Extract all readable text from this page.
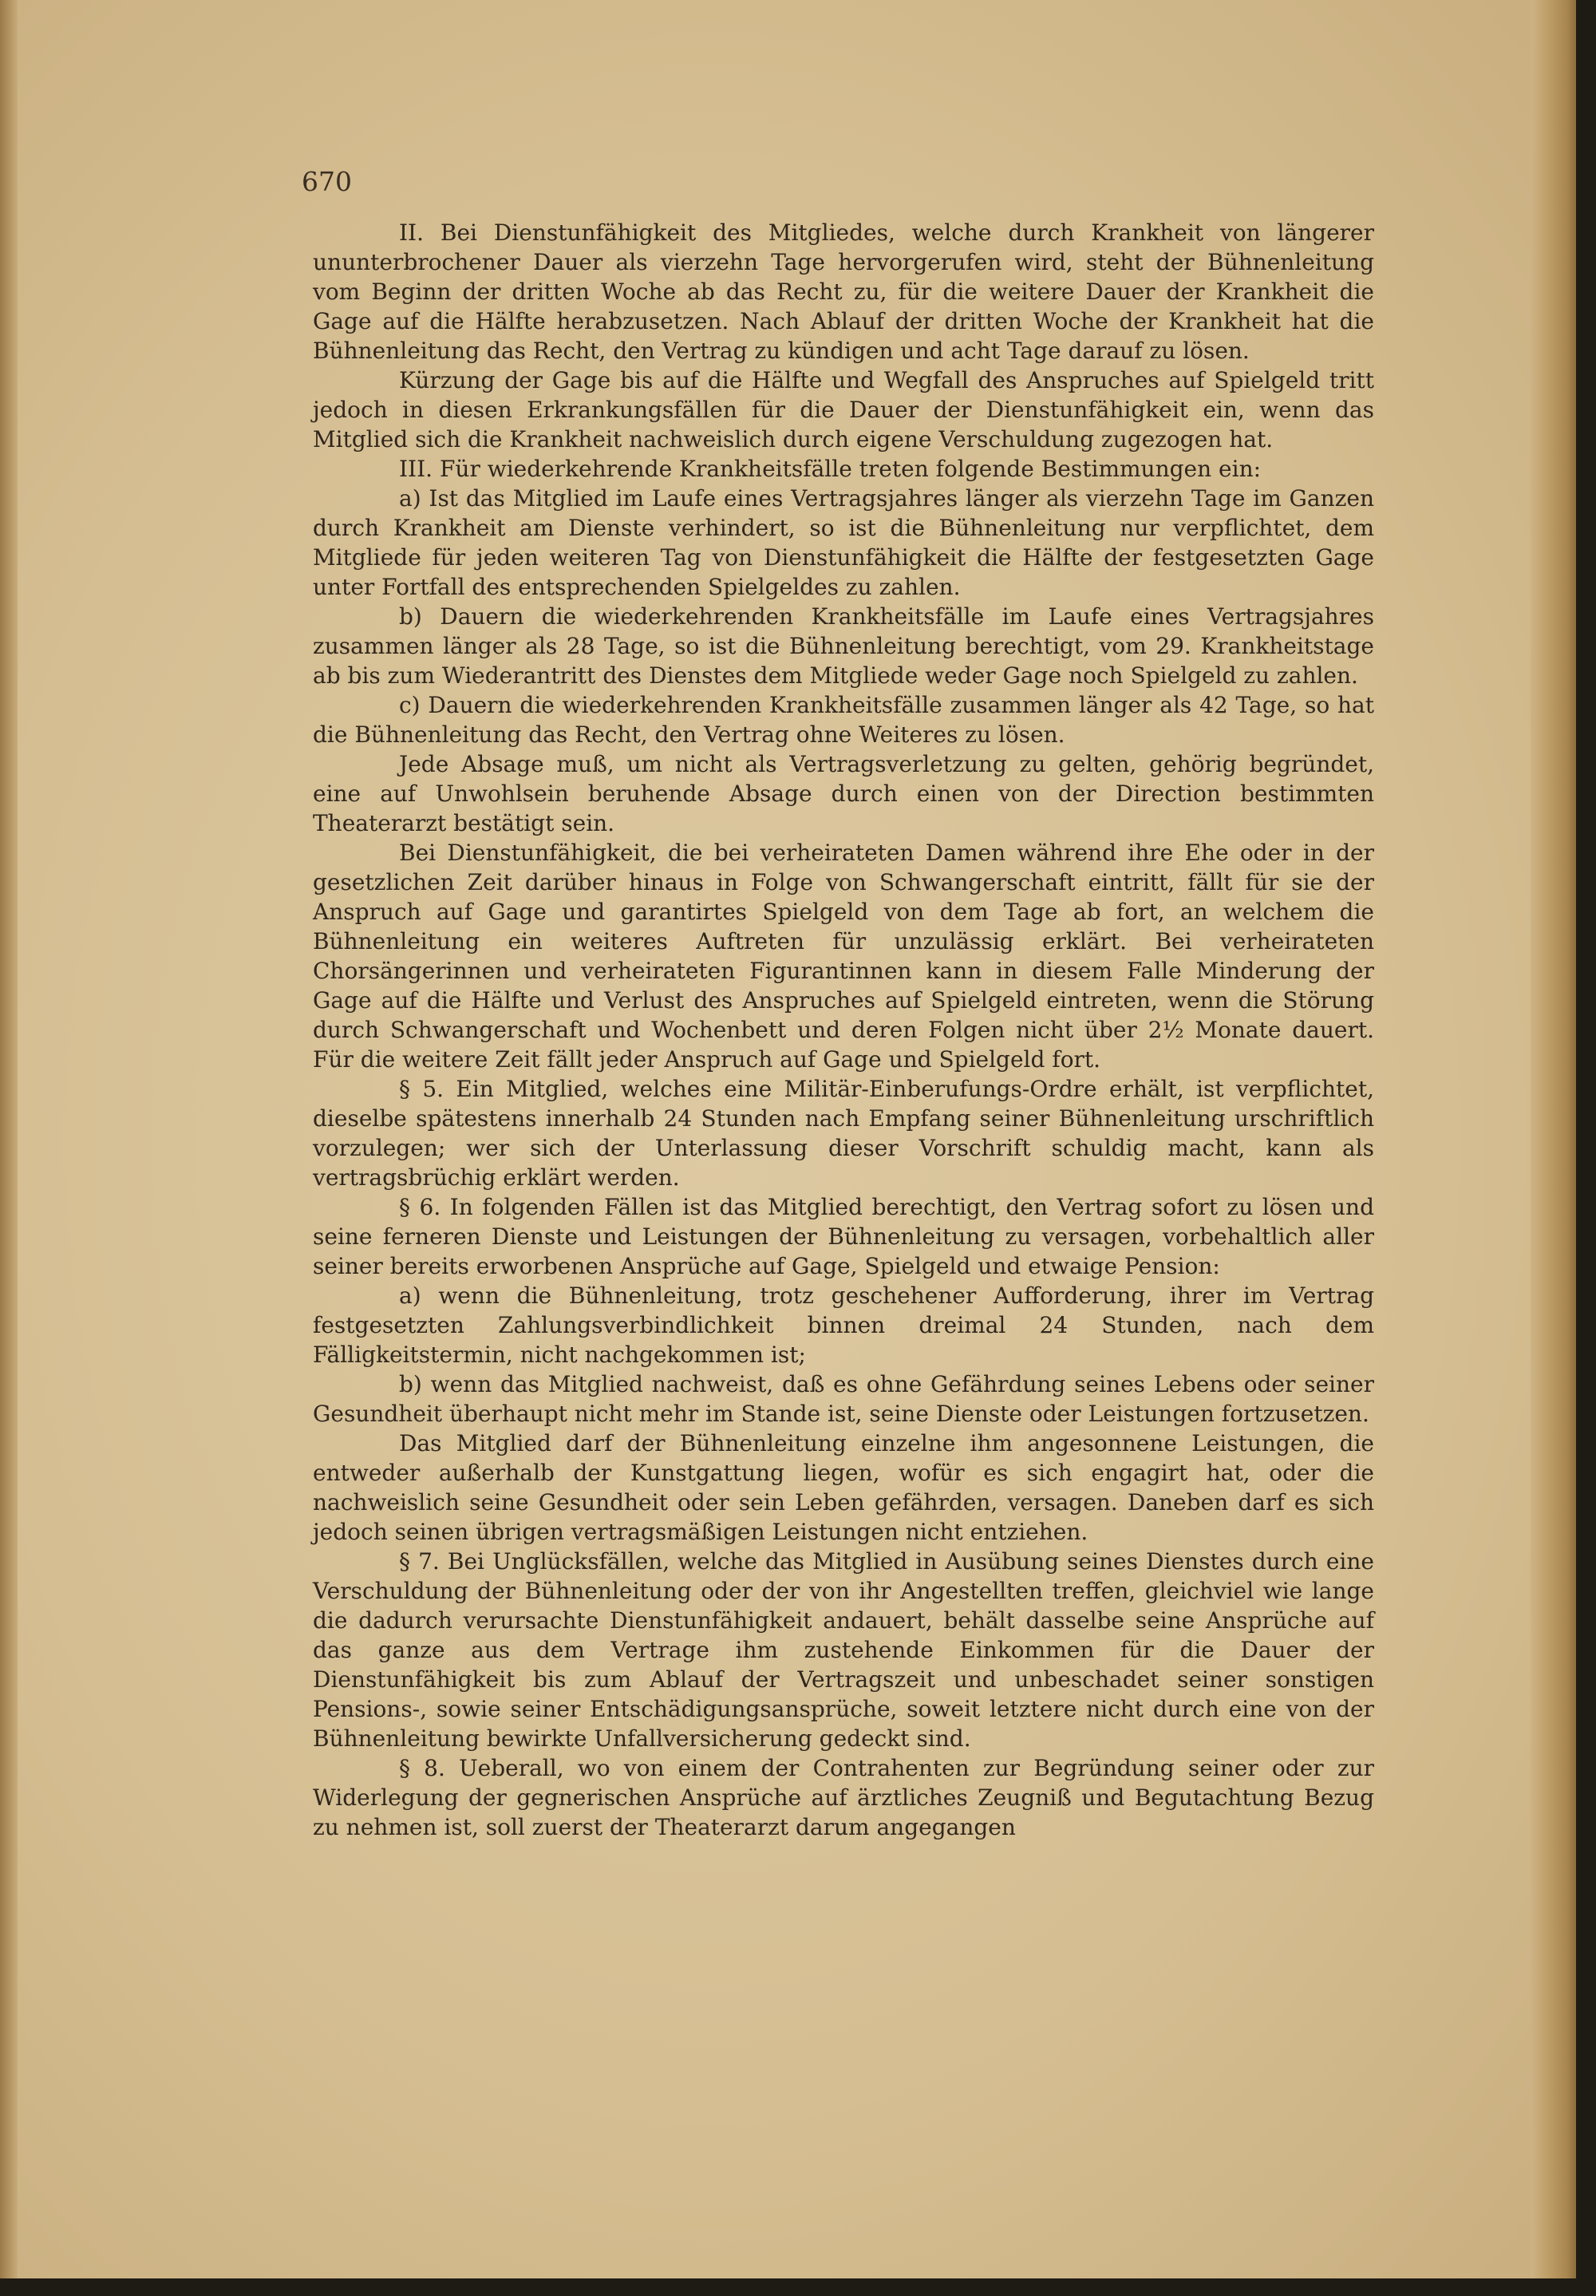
670

II. Bei Dienstunfähigkeit des Mitgliedes, welche durch Krankheit von längerer ununterbrochener Dauer als vierzehn Tage hervorgerufen wird, steht der Bühnenleitung vom Beginn der dritten Woche ab das Recht zu, für die weitere Dauer der Krankheit die Gage auf die Hälfte herabzusetzen. Nach Ablauf der dritten Woche der Krankheit hat die Bühnenleitung das Recht, den Vertrag zu kündigen und acht Tage darauf zu lösen.

Kürzung der Gage bis auf die Hälfte und Wegfall des Anspruches auf Spielgeld tritt jedoch in diesen Erkrankungsfällen für die Dauer der Dienstunfähigkeit ein, wenn das Mitglied sich die Krankheit nachweislich durch eigene Verschuldung zugezogen hat.

III. Für wiederkehrende Krankheitsfälle treten folgende Bestimmungen ein:

a) Ist das Mitglied im Laufe eines Vertragsjahres länger als vierzehn Tage im Ganzen durch Krankheit am Dienste verhindert, so ist die Bühnenleitung nur verpflichtet, dem Mitgliede für jeden weiteren Tag von Dienstunfähigkeit die Hälfte der festgesetzten Gage unter Fortfall des entsprechenden Spielgeldes zu zahlen.

b) Dauern die wiederkehrenden Krankheitsfälle im Laufe eines Vertragsjahres zusammen länger als 28 Tage, so ist die Bühnenleitung berechtigt, vom 29. Krankheitstage ab bis zum Wiederantritt des Dienstes dem Mitgliede weder Gage noch Spielgeld zu zahlen.

c) Dauern die wiederkehrenden Krankheitsfälle zusammen länger als 42 Tage, so hat die Bühnenleitung das Recht, den Vertrag ohne Weiteres zu lösen.

Jede Absage muß, um nicht als Vertragsverletzung zu gelten, gehörig begründet, eine auf Unwohlsein beruhende Absage durch einen von der Direction bestimmten Theaterarzt bestätigt sein.

Bei Dienstunfähigkeit, die bei verheirateten Damen während ihre Ehe oder in der gesetzlichen Zeit darüber hinaus in Folge von Schwangerschaft eintritt, fällt für sie der Anspruch auf Gage und garantirtes Spielgeld von dem Tage ab fort, an welchem die Bühnenleitung ein weiteres Auftreten für unzulässig erklärt. Bei verheirateten Chorsängerinnen und verheirateten Figurantinnen kann in diesem Falle Minderung der Gage auf die Hälfte und Verlust des Anspruches auf Spielgeld eintreten, wenn die Störung durch Schwangerschaft und Wochenbett und deren Folgen nicht über 2½ Monate dauert. Für die weitere Zeit fällt jeder Anspruch auf Gage und Spielgeld fort.

§ 5. Ein Mitglied, welches eine Militär-Einberufungs-Ordre erhält, ist verpflichtet, dieselbe spätestens innerhalb 24 Stunden nach Empfang seiner Bühnenleitung urschriftlich vorzulegen; wer sich der Unterlassung dieser Vorschrift schuldig macht, kann als vertragsbrüchig erklärt werden.

§ 6. In folgenden Fällen ist das Mitglied berechtigt, den Vertrag sofort zu lösen und seine ferneren Dienste und Leistungen der Bühnenleitung zu versagen, vorbehaltlich aller seiner bereits erworbenen Ansprüche auf Gage, Spielgeld und etwaige Pension:

a) wenn die Bühnenleitung, trotz geschehener Aufforderung, ihrer im Vertrag festgesetzten Zahlungsverbindlichkeit binnen dreimal 24 Stunden, nach dem Fälligkeitstermin, nicht nachgekommen ist;

b) wenn das Mitglied nachweist, daß es ohne Gefährdung seines Lebens oder seiner Gesundheit überhaupt nicht mehr im Stande ist, seine Dienste oder Leistungen fortzusetzen.

Das Mitglied darf der Bühnenleitung einzelne ihm angesonnene Leistungen, die entweder außerhalb der Kunstgattung liegen, wofür es sich engagirt hat, oder die nachweislich seine Gesundheit oder sein Leben gefährden, versagen. Daneben darf es sich jedoch seinen übrigen vertragsmäßigen Leistungen nicht entziehen.

§ 7. Bei Unglücksfällen, welche das Mitglied in Ausübung seines Dienstes durch eine Verschuldung der Bühnenleitung oder der von ihr Angestellten treffen, gleichviel wie lange die dadurch verursachte Dienstunfähigkeit andauert, behält dasselbe seine Ansprüche auf das ganze aus dem Vertrage ihm zustehende Einkommen für die Dauer der Dienstunfähigkeit bis zum Ablauf der Vertragszeit und unbeschadet seiner sonstigen Pensions-, sowie seiner Entschädigungsansprüche, soweit letztere nicht durch eine von der Bühnenleitung bewirkte Unfallversicherung gedeckt sind.

§ 8. Ueberall, wo von einem der Contrahenten zur Begründung seiner oder zur Widerlegung der gegnerischen Ansprüche auf ärztliches Zeugniß und Begutachtung Bezug zu nehmen ist, soll zuerst der Theaterarzt darum angegangen
